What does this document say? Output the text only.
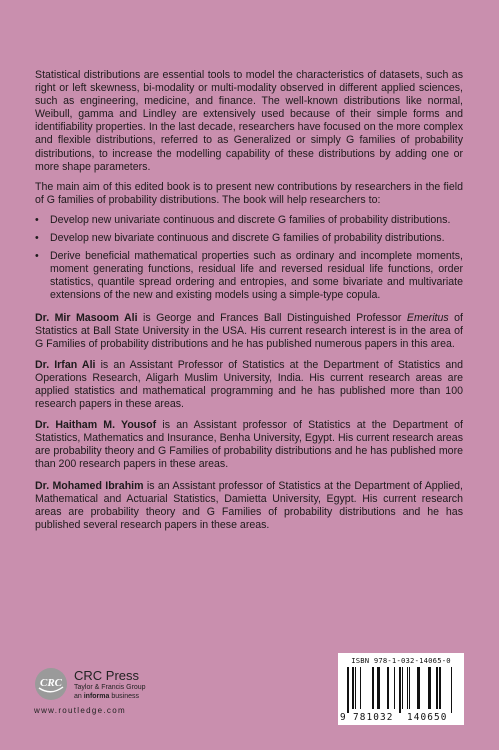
Statistical distributions are essential tools to model the characteristics of datasets, such as right or left skewness, bi-modality or multi-modality observed in different applied sciences, such as engineering, medicine, and finance. The well-known distributions like normal, Weibull, gamma and Lindley are extensively used because of their simple forms and identifiability properties. In the last decade, researchers have focused on the more complex and flexible distributions, referred to as Generalized or simply G families of probability distributions, to increase the modelling capability of these distributions by adding one or more shape parameters.

The main aim of this edited book is to present new contributions by researchers in the field of G families of probability distributions. The book will help researchers to:

• Develop new univariate continuous and discrete G families of probability distributions.
• Develop new bivariate continuous and discrete G families of probability distributions.
• Derive beneficial mathematical properties such as ordinary and incomplete moments, moment generating functions, residual life and reversed residual life functions, order statistics, quantile spread ordering and entropies, and some bivariate and multivariate extensions of the new and existing models using a simple-type copula.

Dr. Mir Masoom Ali is George and Frances Ball Distinguished Professor Emeritus of Statistics at Ball State University in the USA. His current research interest is in the area of G Families of probability distributions and he has published numerous papers in this area.

Dr. Irfan Ali is an Assistant Professor of Statistics at the Department of Statistics and Operations Research, Aligarh Muslim University, India. His current research areas are applied statistics and mathematical programming and he has published more than 100 research papers in these areas.

Dr. Haitham M. Yousof is an Assistant professor of Statistics at the Department of Statistics, Mathematics and Insurance, Benha University, Egypt. His current research areas are probability theory and G Families of probability distributions and he has published more than 200 research papers in these areas.

Dr. Mohamed Ibrahim is an Assistant professor of Statistics at the Department of Applied, Mathematical and Actuarial Statistics, Damietta University, Egypt. His current research areas are probability theory and G Families of probability distributions and he has published several research papers in these areas.

CRC CRC Press
Taylor & Francis Group
an informa business
www.routledge.com
ISBN 978-1-032-14065-0
9 781032 140650
